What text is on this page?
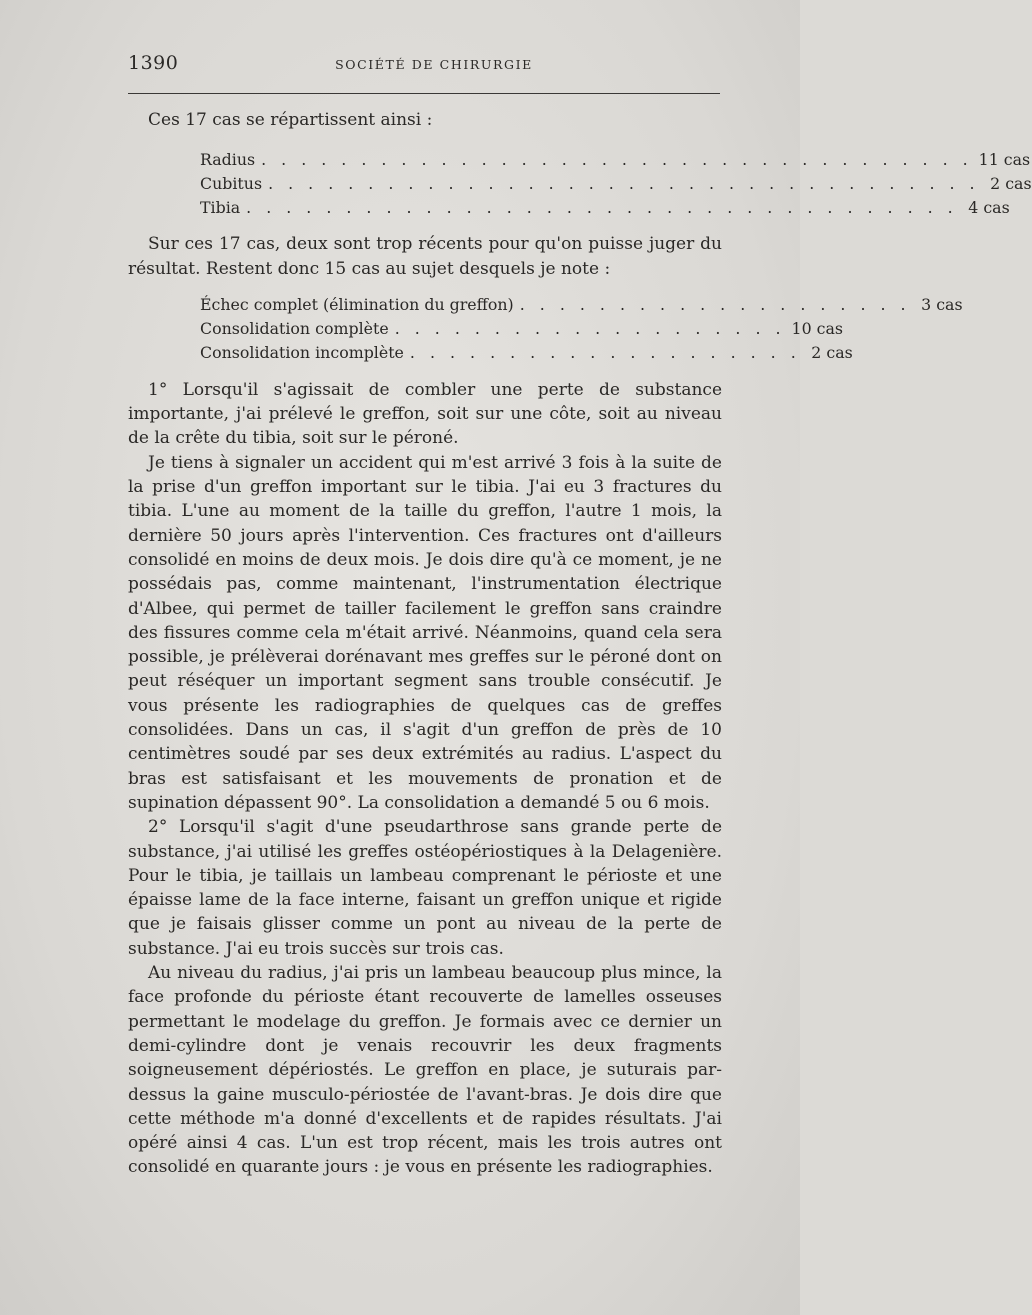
1390	SOCIÉTÉ DE CHIRURGIE

Ces 17 cas se répartissent ainsi :

Radius . . . . . . . . . . . . . . . . . . . . . . . . . . . . . . . . . . . . 11 cas
Cubitus . . . . . . . . . . . . . . . . . . . . . . . . . . . . . . . . . . . . 2 cas
Tibia . . . . . . . . . . . . . . . . . . . . . . . . . . . . . . . . . . . . 4 cas

Sur ces 17 cas, deux sont trop récents pour qu'on puisse juger du résultat. Restent donc 15 cas au sujet desquels je note :

Échec complet (élimination du greffon) . . . . . . . . . . . . . . . . . . . . 3 cas
Consolidation complète . . . . . . . . . . . . . . . . . . . . 10 cas
Consolidation incomplète . . . . . . . . . . . . . . . . . . . . 2 cas

1° Lorsqu'il s'agissait de combler une perte de substance importante, j'ai prélevé le greffon, soit sur une côte, soit au niveau de la crête du tibia, soit sur le péroné.

Je tiens à signaler un accident qui m'est arrivé 3 fois à la suite de la prise d'un greffon important sur le tibia. J'ai eu 3 fractures du tibia. L'une au moment de la taille du greffon, l'autre 1 mois, la dernière 50 jours après l'intervention. Ces fractures ont d'ailleurs consolidé en moins de deux mois. Je dois dire qu'à ce moment, je ne possédais pas, comme maintenant, l'instrumentation électrique d'Albee, qui permet de tailler facilement le greffon sans craindre des fissures comme cela m'était arrivé. Néanmoins, quand cela sera possible, je prélèverai dorénavant mes greffes sur le péroné dont on peut réséquer un important segment sans trouble consécutif. Je vous présente les radiographies de quelques cas de greffes consolidées. Dans un cas, il s'agit d'un greffon de près de 10 centimètres soudé par ses deux extrémités au radius. L'aspect du bras est satisfaisant et les mouvements de pronation et de supination dépassent 90°. La consolidation a demandé 5 ou 6 mois.

2° Lorsqu'il s'agit d'une pseudarthrose sans grande perte de substance, j'ai utilisé les greffes ostéopériostiques à la Delagenière. Pour le tibia, je taillais un lambeau comprenant le périoste et une épaisse lame de la face interne, faisant un greffon unique et rigide que je faisais glisser comme un pont au niveau de la perte de substance. J'ai eu trois succès sur trois cas.

Au niveau du radius, j'ai pris un lambeau beaucoup plus mince, la face profonde du périoste étant recouverte de lamelles osseuses permettant le modelage du greffon. Je formais avec ce dernier un demi-cylindre dont je venais recouvrir les deux fragments soigneusement dépériostés. Le greffon en place, je suturais par-dessus la gaine musculo-périostée de l'avant-bras. Je dois dire que cette méthode m'a donné d'excellents et de rapides résultats. J'ai opéré ainsi 4 cas. L'un est trop récent, mais les trois autres ont consolidé en quarante jours : je vous en présente les radiographies.
